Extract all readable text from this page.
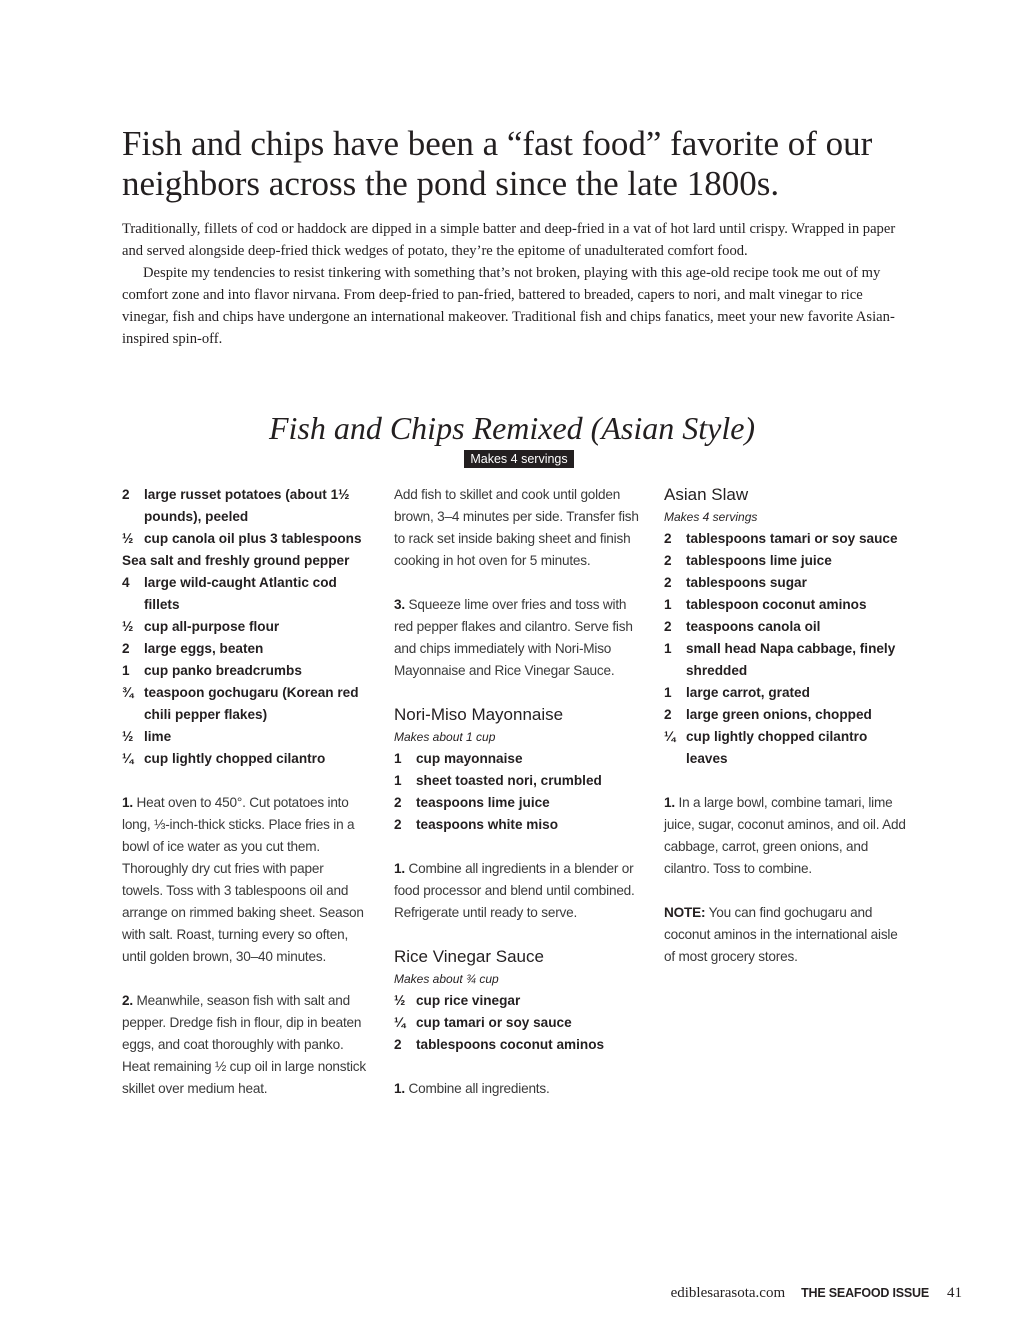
Fish and chips have been a “fast food” favorite of our neighbors across the pond since the late 1800s.

Traditionally, fillets of cod or haddock are dipped in a simple batter and deep-fried in a vat of hot lard until crispy. Wrapped in paper and served alongside deep-fried thick wedges of potato, they’re the epitome of unadulterated comfort food.

Despite my tendencies to resist tinkering with something that’s not broken, playing with this age-old recipe took me out of my comfort zone and into flavor nirvana. From deep-fried to pan-fried, battered to breaded, capers to nori, and malt vinegar to rice vinegar, fish and chips have undergone an international makeover. Traditional fish and chips fanatics, meet your new favorite Asian-inspired spin-off.

Fish and Chips Remixed (Asian Style)
Makes 4 servings
2	large russet potatoes (about 1½ pounds), peeled
½ cup canola oil plus 3 tablespoons
Sea salt and freshly ground pepper
4	large wild-caught Atlantic cod fillets
½ cup all-purpose flour
2	large eggs, beaten
1	cup panko breadcrumbs
¾ teaspoon gochugaru (Korean red chili pepper flakes)
½ lime
¼ cup lightly chopped cilantro

1. Heat oven to 450°. Cut potatoes into long, ⅓-inch-thick sticks. Place fries in a bowl of ice water as you cut them. Thoroughly dry cut fries with paper towels. Toss with 3 tablespoons oil and arrange on rimmed baking sheet. Season with salt. Roast, turning every so often, until golden brown, 30–40 minutes.

2. Meanwhile, season fish with salt and pepper. Dredge fish in flour, dip in beaten eggs, and coat thoroughly with panko. Heat remaining ½ cup oil in large nonstick skillet over medium heat.

Add fish to skillet and cook until golden brown, 3–4 minutes per side. Transfer fish to rack set inside baking sheet and finish cooking in hot oven for 5 minutes.

3. Squeeze lime over fries and toss with red pepper flakes and cilantro. Serve fish and chips immediately with Nori-Miso Mayonnaise and Rice Vinegar Sauce.

Nori-Miso Mayonnaise

Makes about 1 cup

1	cup mayonnaise
1	sheet toasted nori, crumbled
2	teaspoons lime juice
2	teaspoons white miso

1. Combine all ingredients in a blender or food processor and blend until combined. Refrigerate until ready to serve.

Rice Vinegar Sauce

Makes about ¾ cup

½ cup rice vinegar
¼ cup tamari or soy sauce
2	tablespoons coconut aminos

1. Combine all ingredients.

Asian Slaw

Makes 4 servings

2	tablespoons tamari or soy sauce
2	tablespoons lime juice
2	tablespoons sugar
1	tablespoon coconut aminos
2	teaspoons canola oil
1	small head Napa cabbage, finely shredded
1	large carrot, grated
2	large green onions, chopped
¼ cup lightly chopped cilantro leaves

1. In a large bowl, combine tamari, lime juice, sugar, coconut aminos, and oil. Add cabbage, carrot, green onions, and cilantro. Toss to combine.

NOTE: You can find gochugaru and coconut aminos in the international aisle of most grocery stores.

ediblesarasota.com THE SEAFOOD ISSUE 41
